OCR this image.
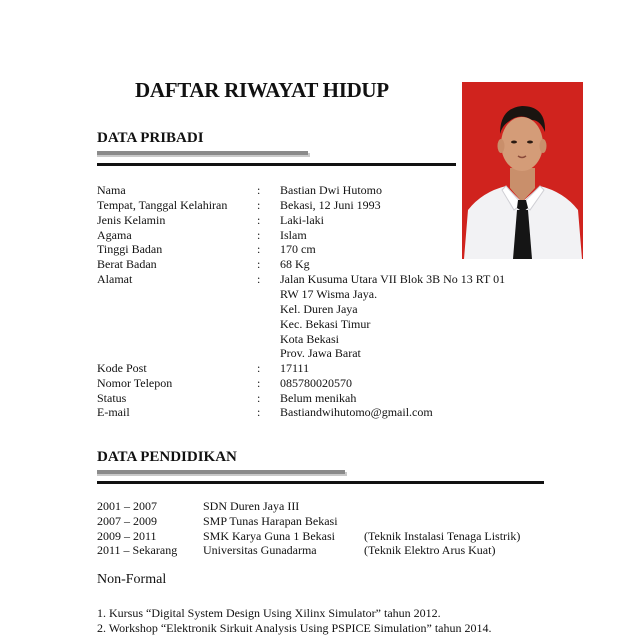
DAFTAR RIWAYAT HIDUP
DATA PRIBADI
Nama	: Bastian Dwi Hutomo
Tempat, Tanggal Kelahiran : Bekasi, 12 Juni 1993
Jenis Kelamin	: Laki-laki
Agama	: Islam
Tinggi Badan	: 170 cm
Berat Badan	: 68 Kg
Alamat	: Jalan Kusuma Utara VII Blok 3B No 13 RT 01
RW 17 Wisma Jaya.
Kel. Duren Jaya
Kec. Bekasi Timur
Kota Bekasi
Prov. Jawa Barat
Kode Post	: 17111
Nomor Telepon	: 085780020570
Status	: Belum menikah
E-mail	: Bastiandwihutomo@gmail.com
DATA PENDIDIKAN
2001 – 2007	SDN Duren Jaya III
2007 – 2009	SMP Tunas Harapan Bekasi
2009 – 2011	SMK Karya Guna 1 Bekasi (Teknik Instalasi Tenaga Listrik)
2011 – Sekarang Universitas Gunadarma	(Teknik Elektro Arus Kuat)
Non-Formal
1. Kursus “Digital System Design Using Xilinx Simulator” tahun 2012.
2. Workshop “Elektronik Sirkuit Analysis Using PSPICE Simulation” tahun 2014.
